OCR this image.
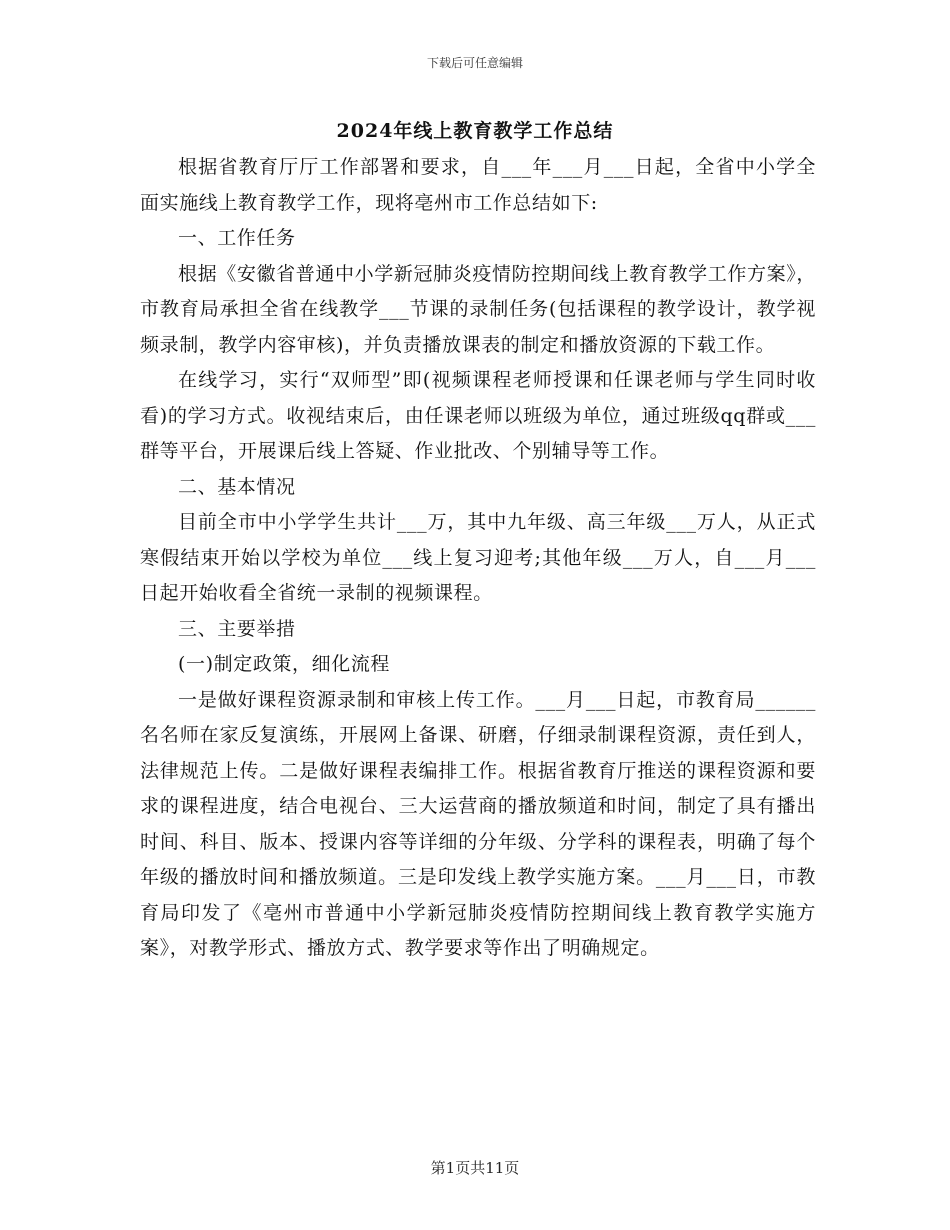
下载后可任意编辑
2024年线上教育教学工作总结

根据省教育厅厅工作部署和要求，自___年___月___日起，全省中小学全面实施线上教育教学工作，现将亳州市工作总结如下:

一、工作任务

根据《安徽省普通中小学新冠肺炎疫情防控期间线上教育教学工作方案》，市教育局承担全省在线教学___节课的录制任务(包括课程的教学设计，教学视频录制，教学内容审核)，并负责播放课表的制定和播放资源的下载工作。

在线学习，实行“双师型”即(视频课程老师授课和任课老师与学生同时收看)的学习方式。收视结束后，由任课老师以班级为单位，通过班级qq群或___群等平台，开展课后线上答疑、作业批改、个别辅导等工作。

二、基本情况

目前全市中小学学生共计___万，其中九年级、高三年级___万人，从正式寒假结束开始以学校为单位___线上复习迎考;其他年级___万人，自___月___日起开始收看全省统一录制的视频课程。

三、主要举措

(一)制定政策，细化流程

一是做好课程资源录制和审核上传工作。___月___日起，市教育局______名名师在家反复演练，开展网上备课、研磨，仔细录制课程资源，责任到人，法律规范上传。二是做好课程表编排工作。根据省教育厅推送的课程资源和要求的课程进度，结合电视台、三大运营商的播放频道和时间，制定了具有播出时间、科目、版本、授课内容等详细的分年级、分学科的课程表，明确了每个年级的播放时间和播放频道。三是印发线上教学实施方案。___月___日，市教育局印发了《亳州市普通中小学新冠肺炎疫情防控期间线上教育教学实施方案》，对教学形式、播放方式、教学要求等作出了明确规定。

第1页共11页
